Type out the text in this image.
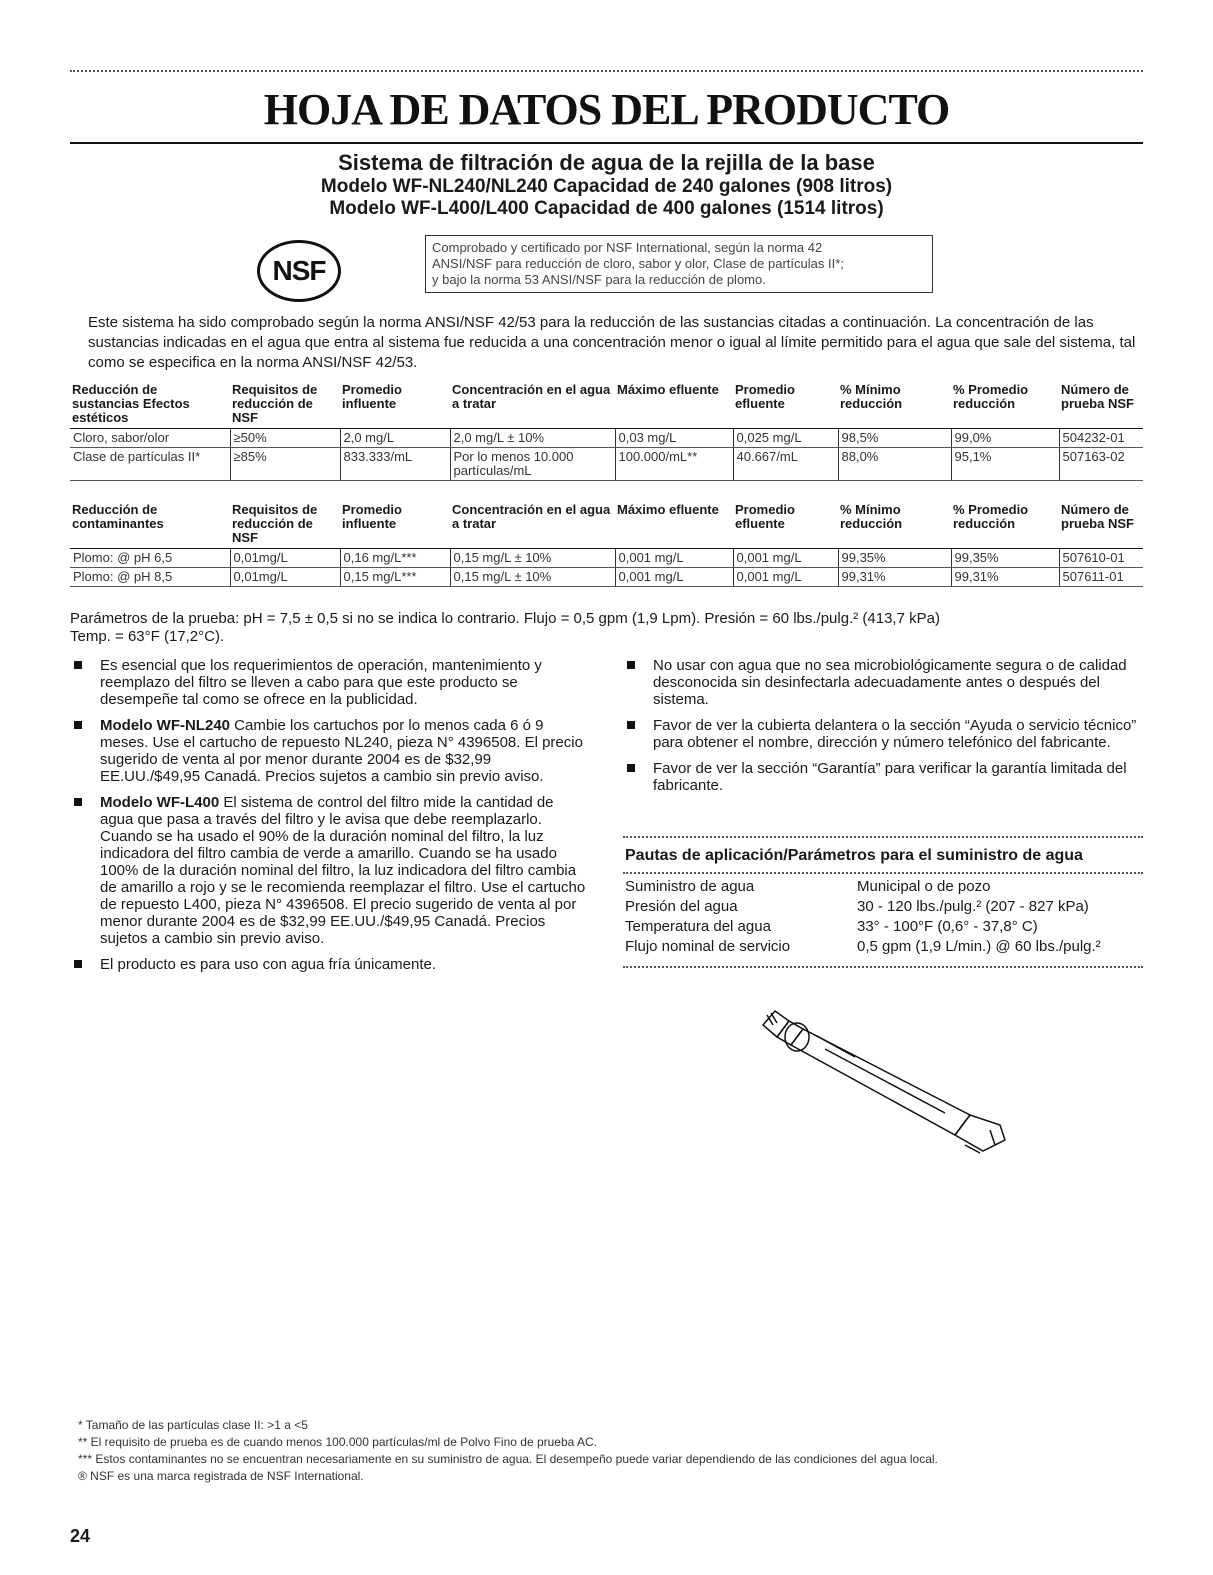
HOJA DE DATOS DEL PRODUCTO
Sistema de filtración de agua de la rejilla de la base
Modelo WF-NL240/NL240 Capacidad de 240 galones (908 litros)
Modelo WF-L400/L400 Capacidad de 400 galones (1514 litros)
NSF
Comprobado y certificado por NSF International, según la norma 42
ANSI/NSF para reducción de cloro, sabor y olor, Clase de partículas II*;
y bajo la norma 53 ANSI/NSF para la reducción de plomo.
Este sistema ha sido comprobado según la norma ANSI/NSF 42/53 para la reducción de las sustancias citadas a continuación. La concentración de las sustancias indicadas en el agua que entra al sistema fue reducida a una concentración menor o igual al límite permitido para el agua que sale del sistema, tal como se especifica en la norma ANSI/NSF 42/53.
Reducción de sustancias Efectos estéticos	Requisitos de reducción de NSF	Promedio influente	Concentración en el agua a tratar	Máximo efluente	Promedio efluente	% Mínimo reducción	% Promedio reducción	Número de prueba NSF
Cloro, sabor/olor	≥50%	2,0 mg/L	2,0 mg/L ± 10%	0,03 mg/L	0,025 mg/L	98,5%	99,0%	504232-01
Clase de partículas II*	≥85%	833.333/mL	Por lo menos 10.000 partículas/mL	100.000/mL**	40.667/mL	88,0%	95,1%	507163-02
Reducción de contaminantes	Requisitos de reducción de NSF	Promedio influente	Concentración en el agua a tratar	Máximo efluente	Promedio efluente	% Mínimo reducción	% Promedio reducción	Número de prueba NSF
Plomo: @ pH 6,5	0,01mg/L	0,16 mg/L***	0,15 mg/L ± 10%	0,001 mg/L	0,001 mg/L	99,35%	99,35%	507610-01
Plomo: @ pH 8,5	0,01mg/L	0,15 mg/L***	0,15 mg/L ± 10%	0,001 mg/L	0,001 mg/L	99,31%	99,31%	507611-01
Parámetros de la prueba: pH = 7,5 ± 0,5 si no se indica lo contrario. Flujo = 0,5 gpm (1,9 Lpm). Presión = 60 lbs./pulg.² (413,7 kPa)
Temp. = 63°F (17,2°C).
Es esencial que los requerimientos de operación, mantenimiento y reemplazo del filtro se lleven a cabo para que este producto se desempeñe tal como se ofrece en la publicidad.
Modelo WF-NL240 Cambie los cartuchos por lo menos cada 6 ó 9 meses. Use el cartucho de repuesto NL240, pieza N° 4396508. El precio sugerido de venta al por menor durante 2004 es de $32,99 EE.UU./$49,95 Canadá. Precios sujetos a cambio sin previo aviso.
Modelo WF-L400 El sistema de control del filtro mide la cantidad de agua que pasa a través del filtro y le avisa que debe reemplazarlo. Cuando se ha usado el 90% de la duración nominal del filtro, la luz indicadora del filtro cambia de verde a amarillo. Cuando se ha usado 100% de la duración nominal del filtro, la luz indicadora del filtro cambia de amarillo a rojo y se le recomienda reemplazar el filtro. Use el cartucho de repuesto L400, pieza N° 4396508. El precio sugerido de venta al por menor durante 2004 es de $32,99 EE.UU./$49,95 Canadá. Precios sujetos a cambio sin previo aviso.
El producto es para uso con agua fría únicamente.
No usar con agua que no sea microbiológicamente segura o de calidad desconocida sin desinfectarla adecuadamente antes o después del sistema.
Favor de ver la cubierta delantera o la sección “Ayuda o servicio técnico” para obtener el nombre, dirección y número telefónico del fabricante.
Favor de ver la sección “Garantía” para verificar la garantía limitada del fabricante.
Pautas de aplicación/Parámetros para el suministro de agua
Suministro de agua	Municipal o de pozo
Presión del agua	30 - 120 lbs./pulg.² (207 - 827 kPa)
Temperatura del agua	33° - 100°F (0,6° - 37,8° C)
Flujo nominal de servicio	0,5 gpm (1,9 L/min.) @ 60 lbs./pulg.²
* Tamaño de las partículas clase II: >1 a <5
** El requisito de prueba es de cuando menos 100.000 partículas/ml de Polvo Fino de prueba AC.
*** Estos contaminantes no se encuentran necesariamente en su suministro de agua. El desempeño puede variar dependiendo de las condiciones del agua local.
® NSF es una marca registrada de NSF International.
24
